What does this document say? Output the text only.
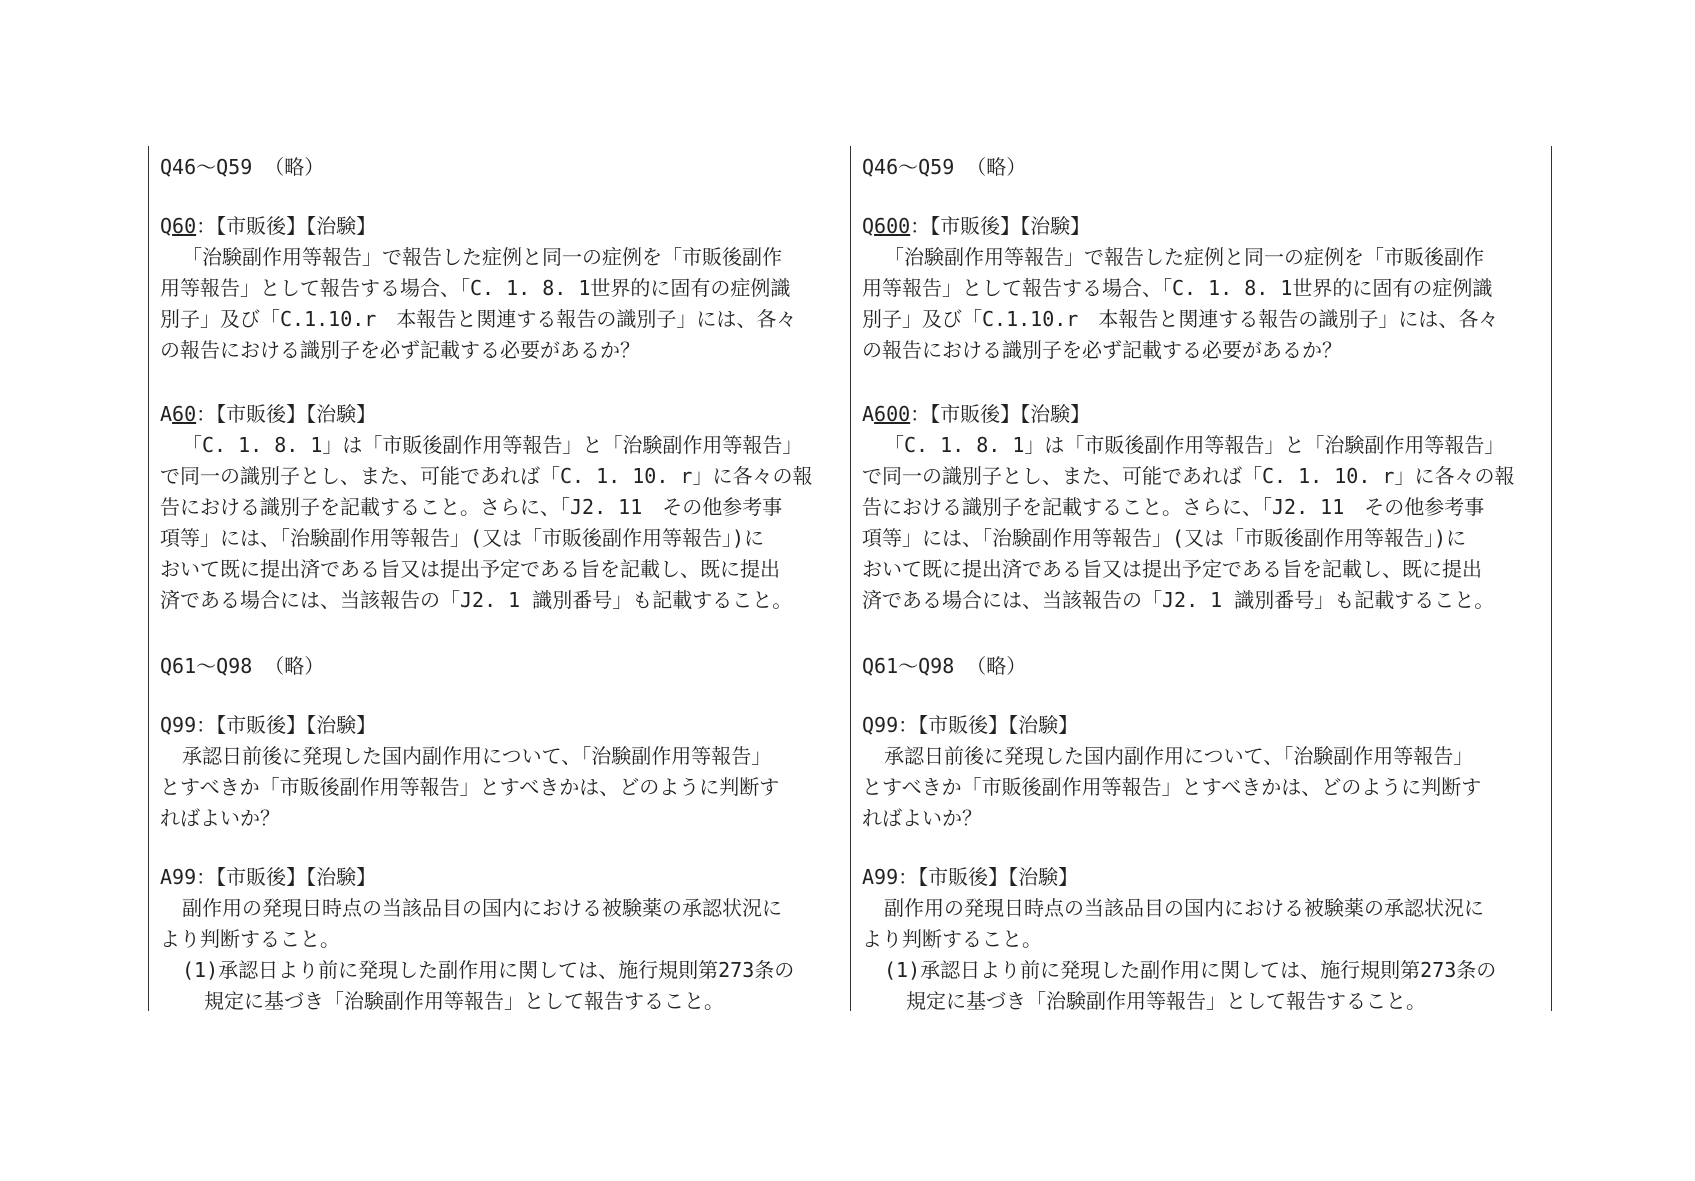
Q46～Q59 （略）
Q60：【市販後】【治験】
「治験副作用等報告」で報告した症例と同一の症例を「市販後副作
用等報告」として報告する場合、「C. 1. 8. 1世界的に固有の症例識
別子」及び「C.1.10.r　本報告と関連する報告の識別子」には、各々
の報告における識別子を必ず記載する必要があるか？
A60：【市販後】【治験】
「C. 1. 8. 1」は「市販後副作用等報告」と「治験副作用等報告」
で同一の識別子とし、また、可能であれば「C. 1. 10. r」に各々の報
告における識別子を記載すること。さらに、「J2. 11　その他参考事
項等」には、「治験副作用等報告」(又は「市販後副作用等報告」)に
おいて既に提出済である旨又は提出予定である旨を記載し、既に提出
済である場合には、当該報告の「J2. 1 識別番号」も記載すること。
Q61～Q98 （略）
Q99：【市販後】【治験】
承認日前後に発現した国内副作用について、「治験副作用等報告」
とすべきか「市販後副作用等報告」とすべきかは、どのように判断す
ればよいか？
A99：【市販後】【治験】
副作用の発現日時点の当該品目の国内における被験薬の承認状況に
より判断すること。
(1)承認日より前に発現した副作用に関しては、施行規則第273条の
規定に基づき「治験副作用等報告」として報告すること。
Q46～Q59 （略）
Q600：【市販後】【治験】
「治験副作用等報告」で報告した症例と同一の症例を「市販後副作
用等報告」として報告する場合、「C. 1. 8. 1世界的に固有の症例識
別子」及び「C.1.10.r　本報告と関連する報告の識別子」には、各々
の報告における識別子を必ず記載する必要があるか？
A600：【市販後】【治験】
「C. 1. 8. 1」は「市販後副作用等報告」と「治験副作用等報告」
で同一の識別子とし、また、可能であれば「C. 1. 10. r」に各々の報
告における識別子を記載すること。さらに、「J2. 11　その他参考事
項等」には、「治験副作用等報告」(又は「市販後副作用等報告」)に
おいて既に提出済である旨又は提出予定である旨を記載し、既に提出
済である場合には、当該報告の「J2. 1 識別番号」も記載すること。
Q61～Q98 （略）
Q99：【市販後】【治験】
承認日前後に発現した国内副作用について、「治験副作用等報告」
とすべきか「市販後副作用等報告」とすべきかは、どのように判断す
ればよいか？
A99：【市販後】【治験】
副作用の発現日時点の当該品目の国内における被験薬の承認状況に
より判断すること。
(1)承認日より前に発現した副作用に関しては、施行規則第273条の
規定に基づき「治験副作用等報告」として報告すること。
